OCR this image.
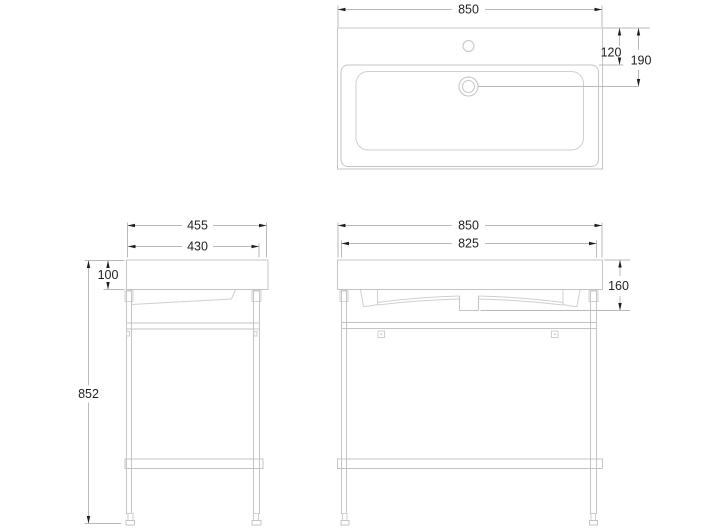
850
120
190
455
430
100
852
850
825
160
